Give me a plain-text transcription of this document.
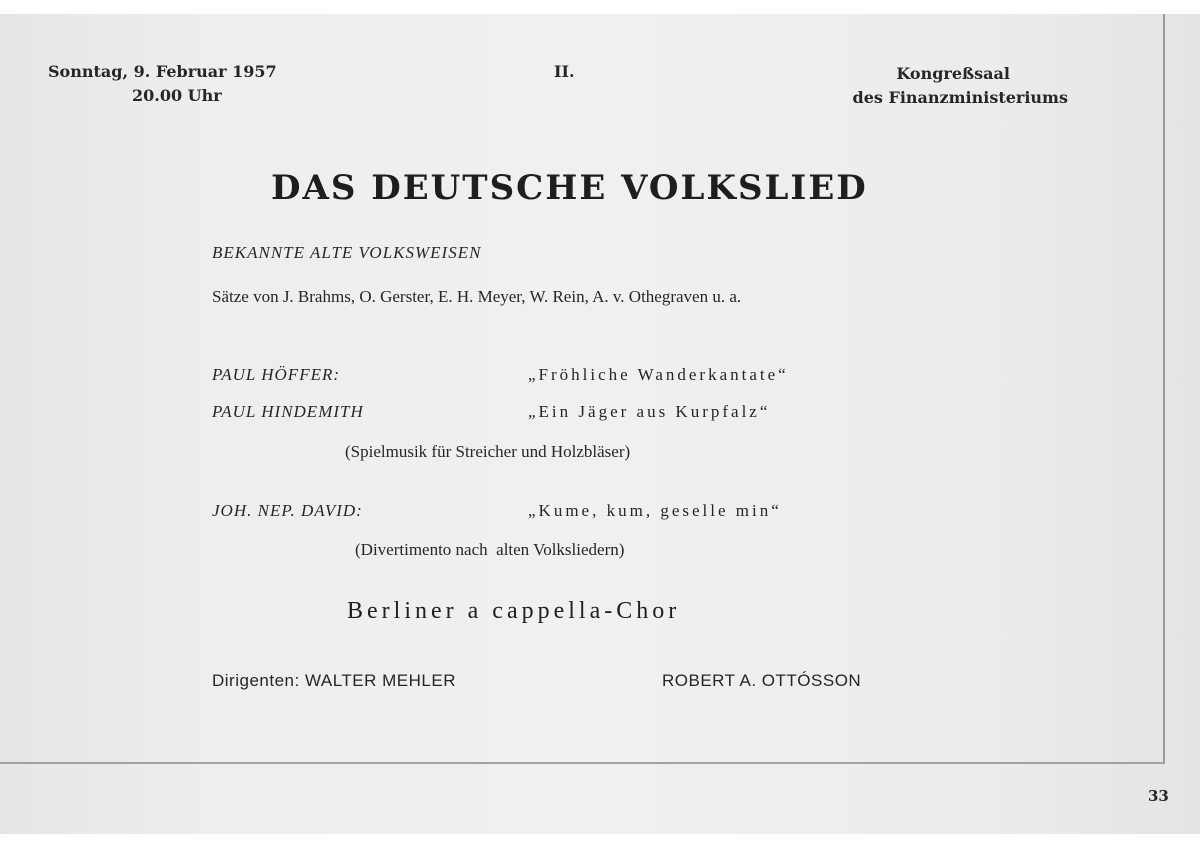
Sonntag, 9. Februar 1957
20.00 Uhr
II.	Kongreßsaal
des Finanzministeriums
DAS DEUTSCHE VOLKSLIED
BEKANNTE ALTE VOLKSWEISEN
Sätze von J. Brahms, O. Gerster, E. H. Meyer, W. Rein, A. v. Othegraven u. a.
PAUL HÖFFER:	„Fröhliche Wanderkantate“
PAUL HINDEMITH	„Ein Jäger aus Kurpfalz“
(Spielmusik für Streicher und Holzbläser)
JOH. NEP. DAVID:	„Kume, kum, geselle min“
(Divertimento nach  alten Volksliedern)
Berliner a cappella-Chor
Dirigenten: WALTER MEHLER	ROBERT A. OTTÓSSON
33
